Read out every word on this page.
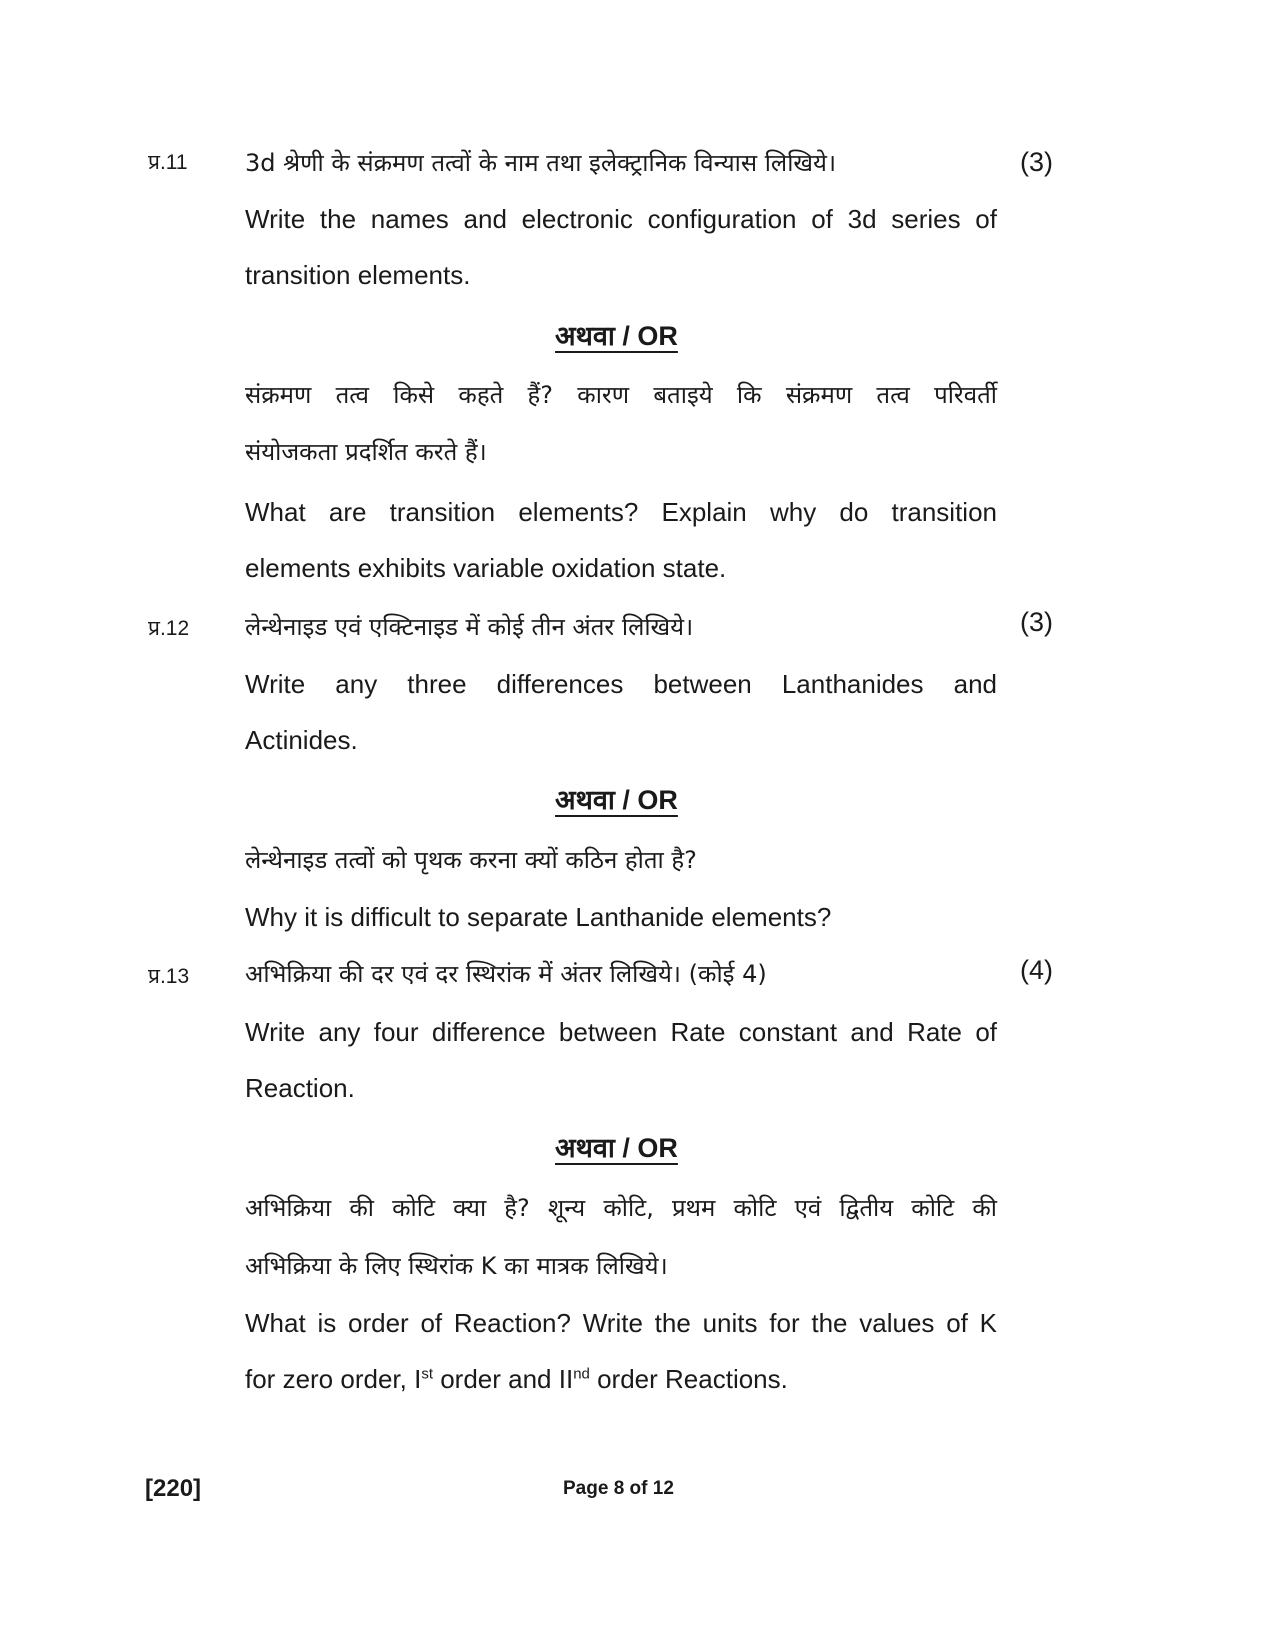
प्र.11 3d श्रेणी के संक्रमण तत्वों के नाम तथा इलेक्ट्रानिक विन्यास लिखिये।	(3)
Write the names and electronic configuration of 3d series of
transition elements.
अथवा / OR
संक्रमण तत्व किसे कहते हैं? कारण बताइये कि संक्रमण तत्व परिवर्ती
संयोजकता प्रदर्शित करते हैं।
What are transition elements? Explain why do transition
elements exhibits variable oxidation state.
प्र.12 लेन्थेनाइड एवं एक्टिनाइड में कोई तीन अंतर लिखिये।	(3)
Write any three differences between Lanthanides and
Actinides.
अथवा / OR
लेन्थेनाइड तत्वों को पृथक करना क्यों कठिन होता है?
Why it is difficult to separate Lanthanide elements?
प्र.13 अभिक्रिया की दर एवं दर स्थिरांक में अंतर लिखिये। (कोई 4)	(4)
Write any four difference between Rate constant and Rate of
Reaction.
अथवा / OR
अभिक्रिया की कोटि क्या है? शून्य कोटि, प्रथम कोटि एवं द्वितीय कोटि की
अभिक्रिया के लिए स्थिरांक K का मात्रक लिखिये।
What is order of Reaction? Write the units for the values of K
for zero order, Ist order and IInd order Reactions.
[220]	Page 8 of 12
